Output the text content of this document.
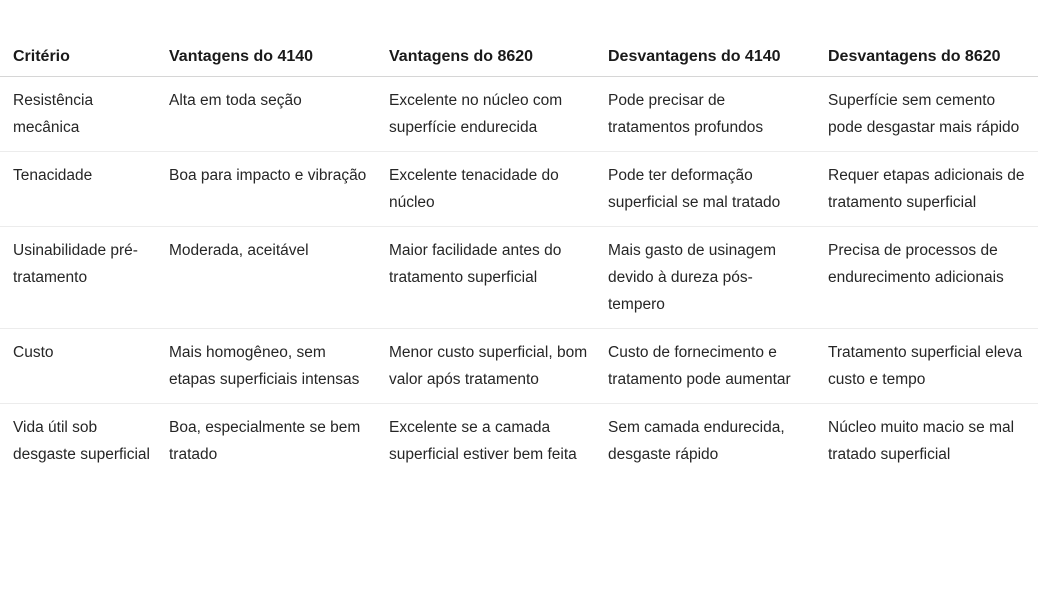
Critério	Vantagens do 4140	Vantagens do 8620	Desvantagens do 4140	Desvantagens do 8620
Resistência mecânica	Alta em toda seção	Excelente no núcleo com superfície endurecida	Pode precisar de tratamentos profundos	Superfície sem cemento pode desgastar mais rápido
Tenacidade	Boa para impacto e vibração	Excelente tenacidade do núcleo	Pode ter deformação superficial se mal tratado	Requer etapas adicionais de tratamento superficial
Usinabilidade pré-tratamento	Moderada, aceitável	Maior facilidade antes do tratamento superficial	Mais gasto de usinagem devido à dureza pós-tempero	Precisa de processos de endurecimento adicionais
Custo	Mais homogêneo, sem etapas superficiais intensas	Menor custo superficial, bom valor após tratamento	Custo de fornecimento e tratamento pode aumentar	Tratamento superficial eleva custo e tempo
Vida útil sob desgaste superficial	Boa, especialmente se bem tratado	Excelente se a camada superficial estiver bem feita	Sem camada endurecida, desgaste rápido	Núcleo muito macio se mal tratado superficial
